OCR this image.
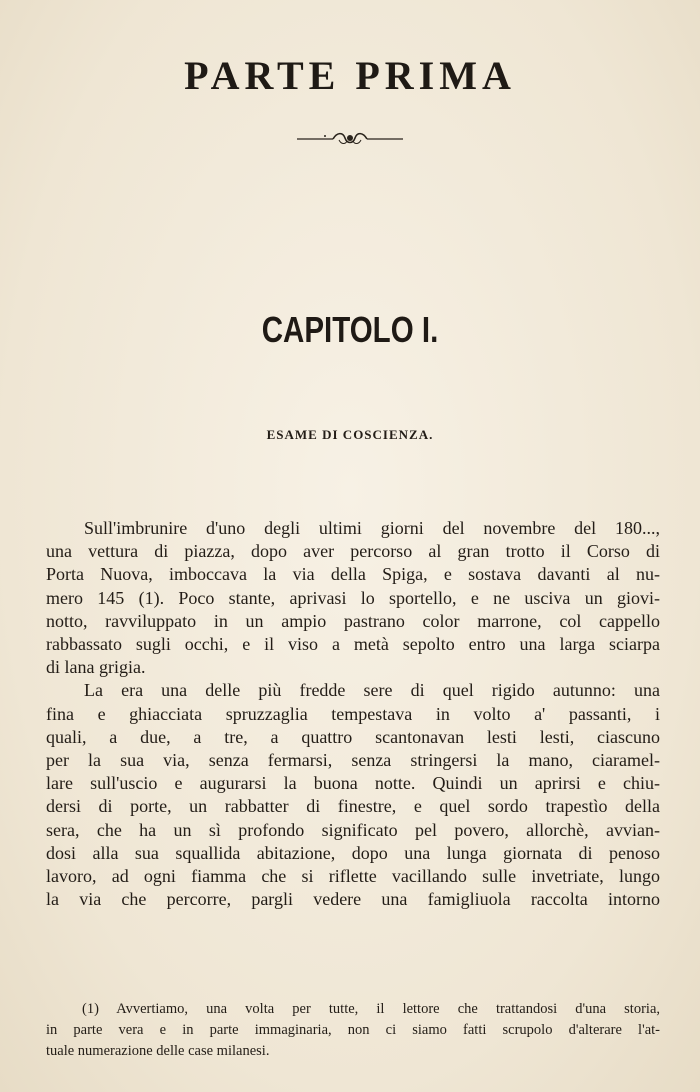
PARTE PRIMA
CAPITOLO I.
ESAME DI COSCIENZA.
Sull'imbrunire d'uno degli ultimi giorni del novembre del 180...,
una vettura di piazza, dopo aver percorso al gran trotto il Corso di
Porta Nuova, imboccava la via della Spiga, e sostava davanti al nu-
mero 145 (1). Poco stante, aprivasi lo sportello, e ne usciva un giovi-
notto, ravviluppato in un ampio pastrano color marrone, col cappello
rabbassato sugli occhi, e il viso a metà sepolto entro una larga sciarpa
di lana grigia.
La era una delle più fredde sere di quel rigido autunno: una
fina e ghiacciata spruzzaglia tempestava in volto a' passanti, i
quali, a due, a tre, a quattro scantonavan lesti lesti, ciascuno
per la sua via, senza fermarsi, senza stringersi la mano, ciaramel-
lare sull'uscio e augurarsi la buona notte. Quindi un aprirsi e chiu-
dersi di porte, un rabbatter di finestre, e quel sordo trapestìo della
sera, che ha un sì profondo significato pel povero, allorchè, avvian-
dosi alla sua squallida abitazione, dopo una lunga giornata di penoso
lavoro, ad ogni fiamma che si riflette vacillando sulle invetriate, lungo
la via che percorre, pargli vedere una famigliuola raccolta intorno
(1) Avvertiamo, una volta per tutte, il lettore che trattandosi d'una storia,
in parte vera e in parte immaginaria, non ci siamo fatti scrupolo d'alterare l'at-
tuale numerazione delle case milanesi.
